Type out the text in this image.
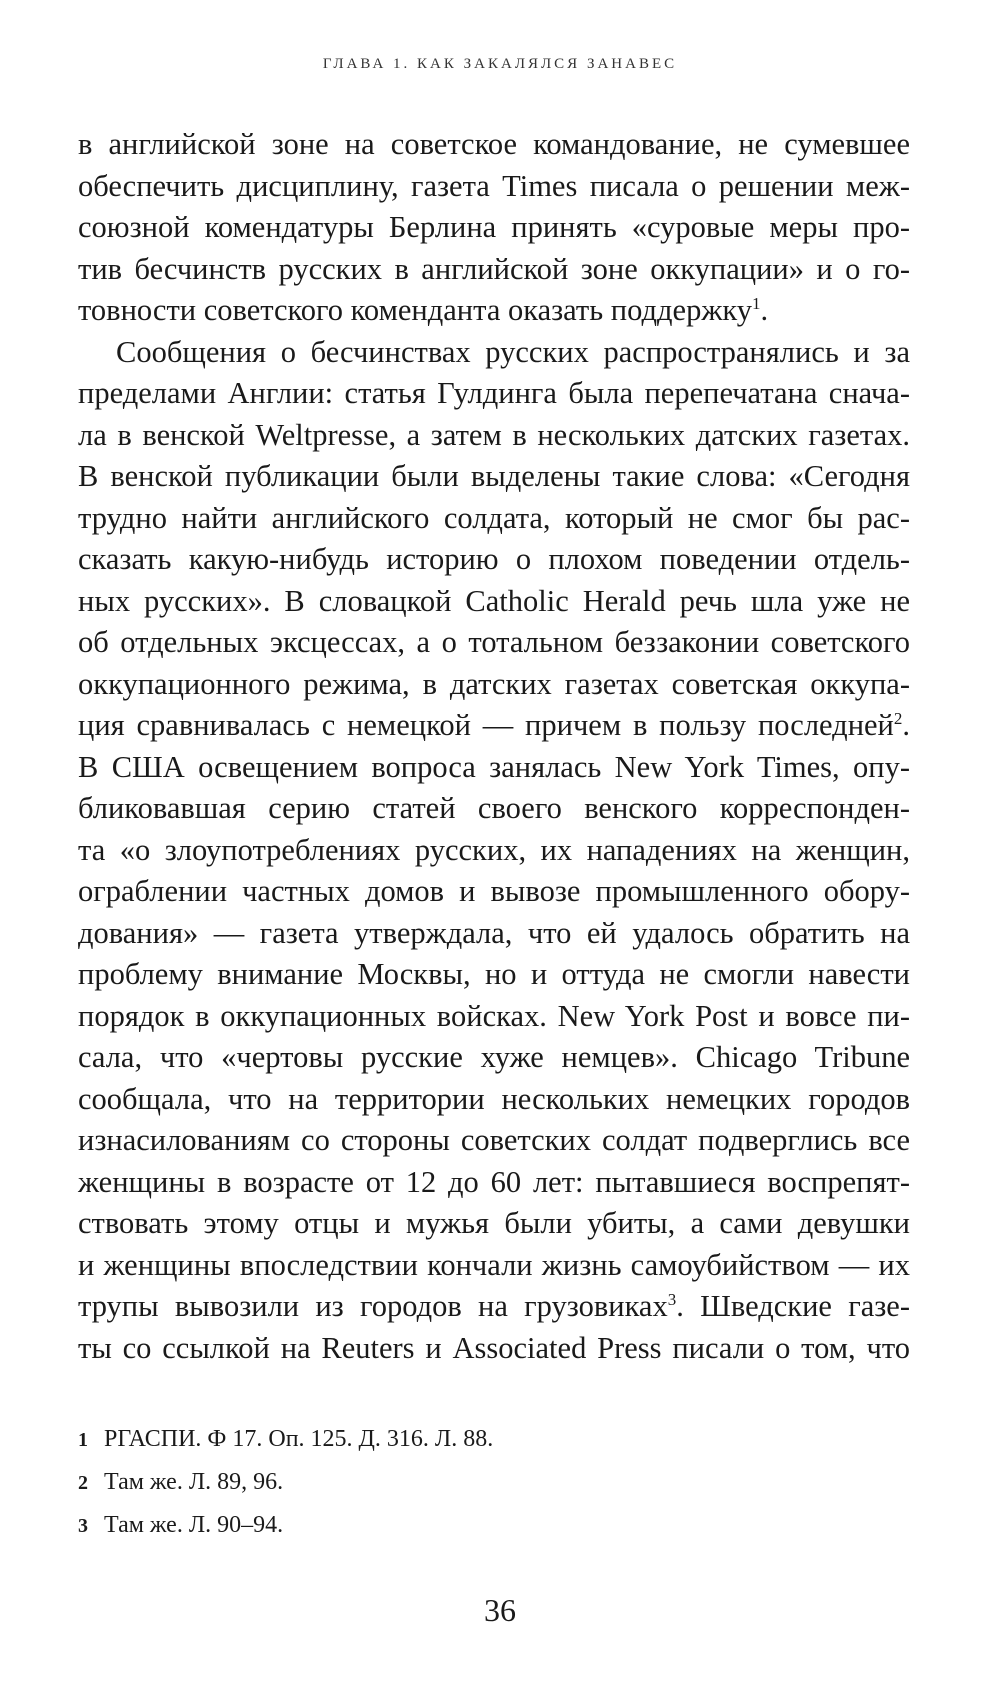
ГЛАВА 1. КАК ЗАКАЛЯЛСЯ ЗАНАВЕС
в английской зоне на советское командование, не сумевшее
обеспечить дисциплину, газета Times писала о решении меж-
союзной комендатуры Берлина принять «суровые меры про-
тив бесчинств русских в английской зоне оккупации» и о го-
товности советского коменданта оказать поддержку$^1$.
Сообщения о бесчинствах русских распространялись и за
пределами Англии: статья Гулдинга была перепечатана снача-
ла в венской Weltpresse, а затем в нескольких датских газетах.
В венской публикации были выделены такие слова: «Сегодня
трудно найти английского солдата, который не смог бы рас-
сказать какую-нибудь историю о плохом поведении отдель-
ных русских». В словацкой Catholic Herald речь шла уже не
об отдельных эксцессах, а о тотальном беззаконии советского
оккупационного режима, в датских газетах советская оккупа-
ция сравнивалась с немецкой — причем в пользу последней$^2$.
В США освещением вопроса занялась New York Times, опу-
бликовавшая серию статей своего венского корреспонден-
та «о злоупотреблениях русских, их нападениях на женщин,
ограблении частных домов и вывозе промышленного обору-
дования» — газета утверждала, что ей удалось обратить на
проблему внимание Москвы, но и оттуда не смогли навести
порядок в оккупационных войсках. New York Post и вовсе пи-
сала, что «чертовы русские хуже немцев». Chicago Tribune
сообщала, что на территории нескольких немецких городов
изнасилованиям со стороны советских солдат подверглись все
женщины в возрасте от 12 до 60 лет: пытавшиеся воспрепят-
ствовать этому отцы и мужья были убиты, а сами девушки
и женщины впоследствии кончали жизнь самоубийством — их
трупы вывозили из городов на грузовиках$^3$. Шведские газе-
ты со ссылкой на Reuters и Associated Press писали о том, что
1 РГАСПИ. Ф 17. Оп. 125. Д. 316. Л. 88.
2 Там же. Л. 89, 96.
3 Там же. Л. 90–94.
36
